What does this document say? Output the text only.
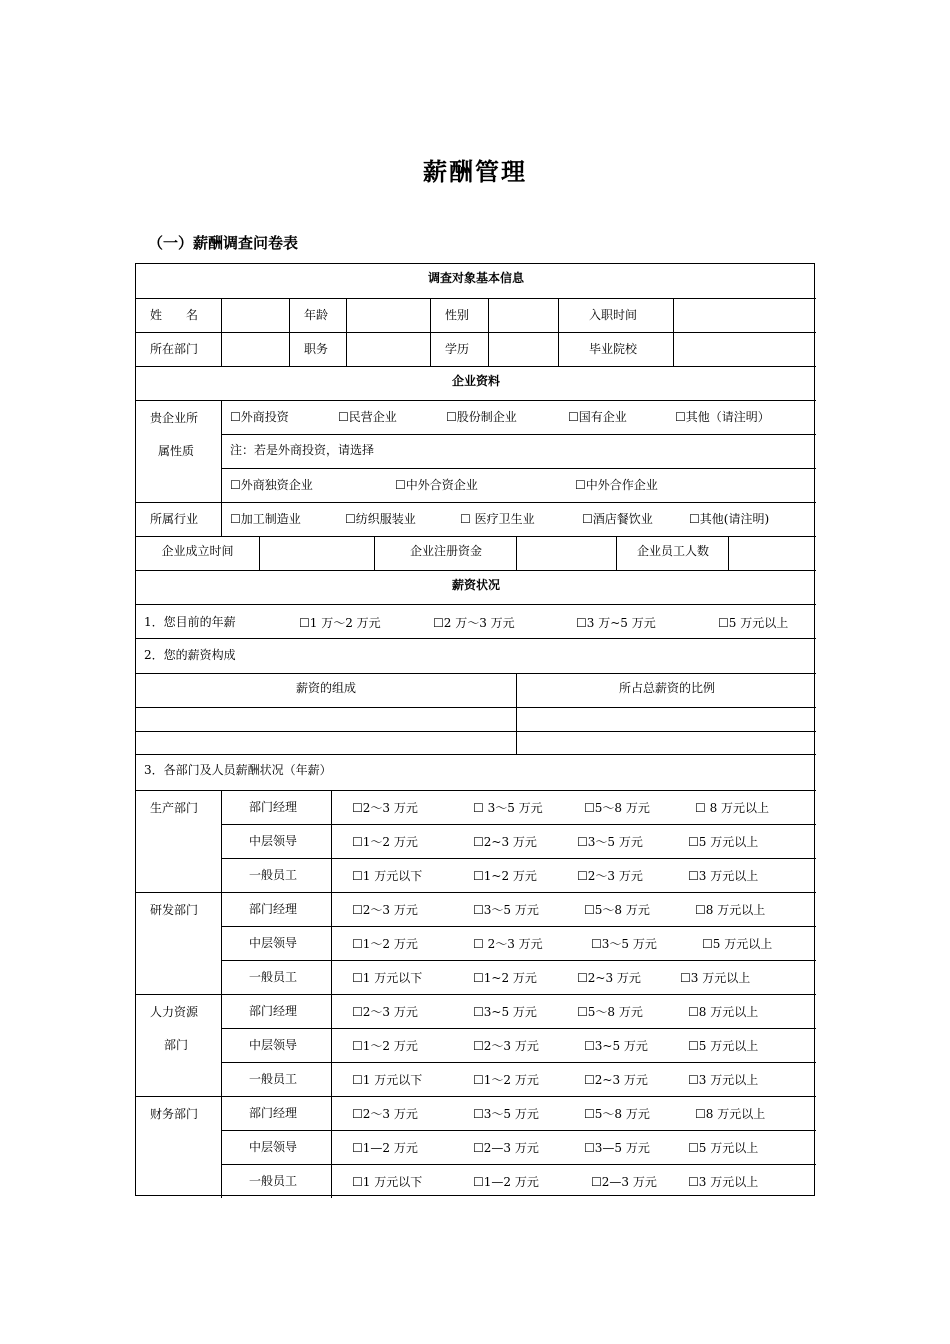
薪酬管理
（一）薪酬调查问卷表
调查对象基本信息
姓　　名	年龄	性别	入职时间
所在部门	职务	学历	毕业院校
企业资料
贵企业所
属性质
☐外商投资	☐民营企业	☐股份制企业	☐国有企业	☐其他（请注明）
注：若是外商投资，请选择
☐外商独资企业	☐中外合资企业	☐中外合作企业
所属行业	☐加工制造业	☐纺织服装业	☐ 医疗卫生业	☐酒店餐饮业	☐其他(请注明)
企业成立时间	企业注册资金	企业员工人数
薪资状况
1．您目前的年薪	☐1 万～2 万元	☐2 万～3 万元	☐3 万~5 万元	☐5 万元以上
2．您的薪资构成
薪资的组成	所占总薪资的比例
3．各部门及人员薪酬状况（年薪）
生产部门	部门经理	☐2～3 万元	☐ 3～5 万元	☐5～8 万元	☐ 8 万元以上
中层领导	☐1～2 万元	☐2~3 万元	☐3～5 万元	☐5 万元以上
一般员工	☐1 万元以下	☐1~2 万元	☐2～3 万元	☐3 万元以上
研发部门	部门经理	☐2～3 万元	☐3～5 万元	☐5～8 万元	☐8 万元以上
中层领导	☐1～2 万元	☐ 2～3 万元	☐3～5 万元	☐5 万元以上
一般员工	☐1 万元以下	☐1~2 万元	☐2~3 万元	☐3 万元以上
人力资源
部门
部门经理	☐2～3 万元	☐3~5 万元	☐5～8 万元	☐8 万元以上
中层领导	☐1～2 万元	☐2～3 万元	☐3~5 万元	☐5 万元以上
一般员工	☐1 万元以下	☐1～2 万元	☐2~3 万元	☐3 万元以上
财务部门	部门经理	☐2～3 万元	☐3～5 万元	☐5～8 万元	☐8 万元以上
中层领导	☐1—2 万元	☐2—3 万元	☐3—5 万元	☐5 万元以上
一般员工	☐1 万元以下	☐1—2 万元	☐2—3 万元	☐3 万元以上
